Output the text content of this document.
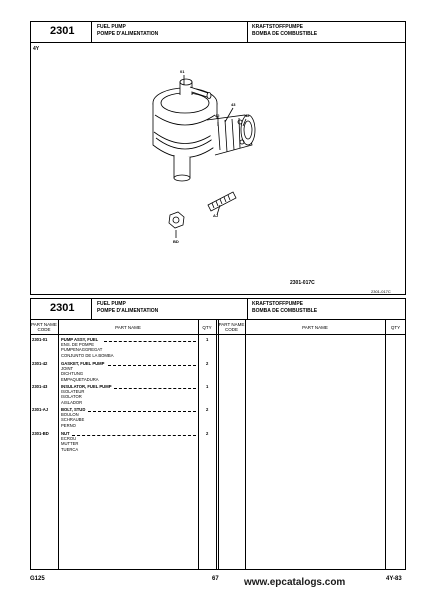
2301	FUEL PUMP
POMPE D'ALIMENTATION
KRAFTSTOFFPUMPE
BOMBA DE COMBUSTIBLE
4Y
01
43
42	42
AJ
BD
2301-017C
2301-017C
2301	FUEL PUMP
POMPE D'ALIMENTATION
KRAFTSTOFFPUMPE
BOMBA DE COMBUSTIBLE
PART NAME
CODE	PART NAME	QTY
PART NAME
CODE	PART NAME	QTY
2301-01	PUMP ASSY, FUEL
ENS. DE POMPE
PUMPENAGGREGAT
CONJUNTO DE LA BOMBA
1
2301-42	GASKET, FUEL PUMP
JOINT
DICHTUNG
EMPAQUETADURA
2
2301-43	INSULATOR, FUEL PUMP
ISOLATEUR
ISOLATOR
AISLADOR
1
2301-AJ	BOLT, STUD
BOULON
SCHRAUBE
PERNO
2
2301-BD	NUT
ECROU
MUTTER
TUERCA
2
G125	67	www.epcatalogs.com	4Y-83
